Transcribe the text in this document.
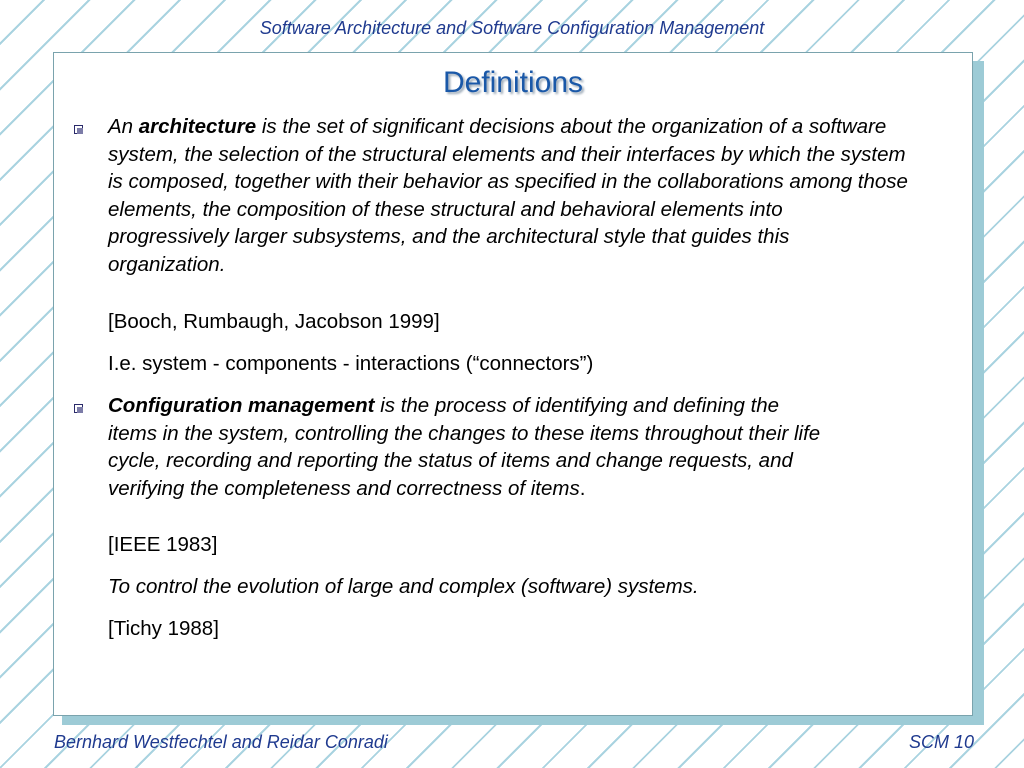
Software Architecture and Software Configuration Management
Definitions
An architecture is the set of significant decisions about the organization of a software system, the selection of the structural elements and their interfaces by which the system is composed, together with their behavior as specified in the collaborations among those elements, the composition of these structural and behavioral elements into progressively larger subsystems, and the architectural style that guides this organization.
[Booch, Rumbaugh, Jacobson 1999]
I.e. system - components - interactions (“connectors”)
Configuration management is the process of identifying and defining the items in the system, controlling the changes to these items throughout their life cycle, recording and reporting the status of items and change requests, and verifying the completeness and correctness of items.
[IEEE 1983]
To control the evolution of large and complex (software) systems.
[Tichy 1988]
Bernhard Westfechtel and Reidar Conradi	SCM 10
